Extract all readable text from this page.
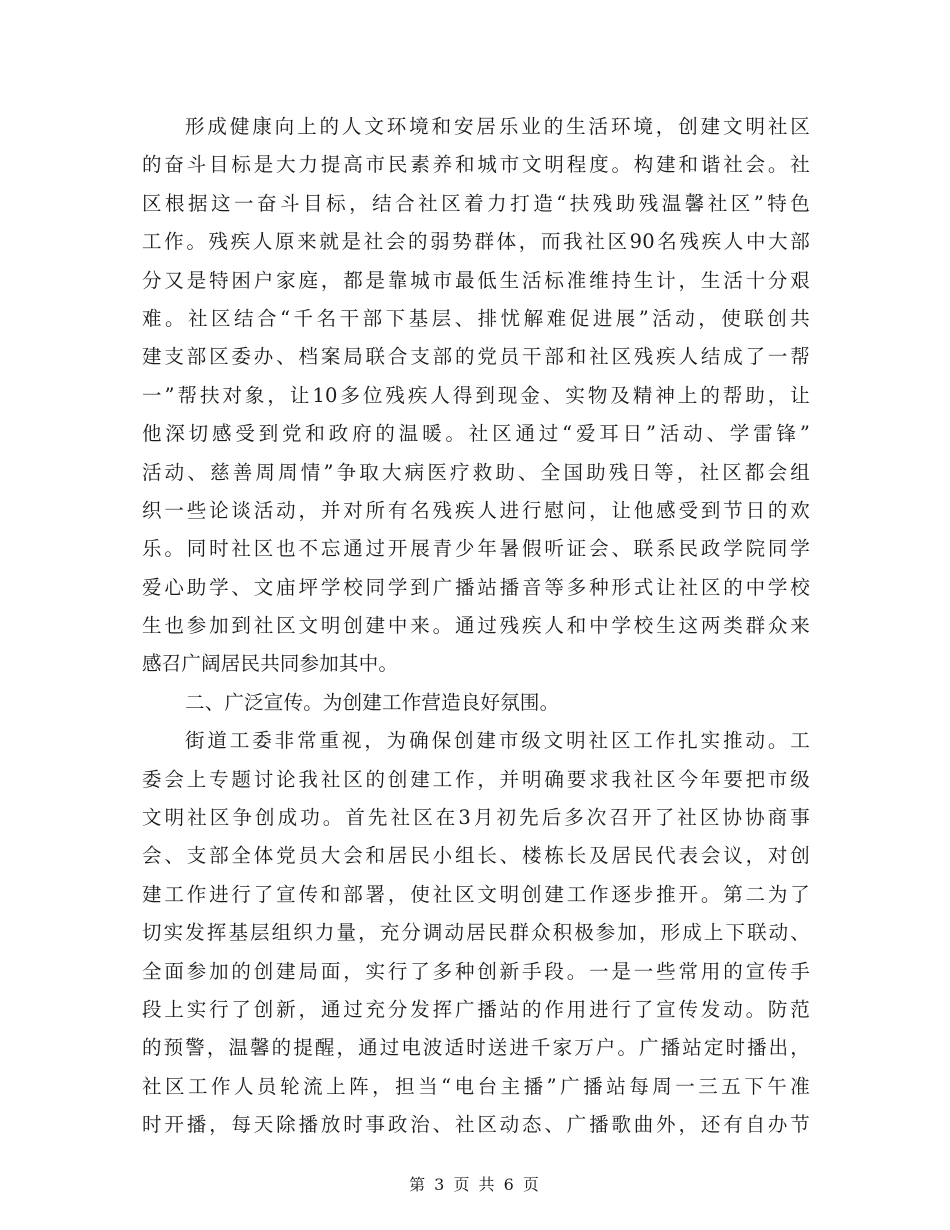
形成健康向上的人文环境和安居乐业的生活环境，创建文明社区
的奋斗目标是大力提高市民素养和城市文明程度。构建和谐社会。社
区根据这一奋斗目标，结合社区着力打造“扶残助残温馨社区”特色
工作。残疾人原来就是社会的弱势群体，而我社区90名残疾人中大部
分又是特困户家庭，都是靠城市最低生活标准维持生计，生活十分艰
难。社区结合“千名干部下基层、排忧解难促进展”活动，使联创共
建支部区委办、档案局联合支部的党员干部和社区残疾人结成了一帮
一”帮扶对象，让10多位残疾人得到现金、实物及精神上的帮助，让
他深切感受到党和政府的温暖。社区通过“爱耳日”活动、学雷锋”
活动、慈善周周情”争取大病医疗救助、全国助残日等，社区都会组
织一些论谈活动，并对所有名残疾人进行慰问，让他感受到节日的欢
乐。同时社区也不忘通过开展青少年暑假听证会、联系民政学院同学
爱心助学、文庙坪学校同学到广播站播音等多种形式让社区的中学校
生也参加到社区文明创建中来。通过残疾人和中学校生这两类群众来
感召广阔居民共同参加其中。
二、广泛宣传。为创建工作营造良好氛围。
街道工委非常重视，为确保创建市级文明社区工作扎实推动。工
委会上专题讨论我社区的创建工作，并明确要求我社区今年要把市级
文明社区争创成功。首先社区在3月初先后多次召开了社区协协商事
会、支部全体党员大会和居民小组长、楼栋长及居民代表会议，对创
建工作进行了宣传和部署，使社区文明创建工作逐步推开。第二为了
切实发挥基层组织力量，充分调动居民群众积极参加，形成上下联动、
全面参加的创建局面，实行了多种创新手段。一是一些常用的宣传手
段上实行了创新，通过充分发挥广播站的作用进行了宣传发动。防范
的预警，温馨的提醒，通过电波适时送进千家万户。广播站定时播出，
社区工作人员轮流上阵，担当“电台主播”广播站每周一三五下午准
时开播，每天除播放时事政治、社区动态、广播歌曲外，还有自办节
第 3 页 共 6 页
